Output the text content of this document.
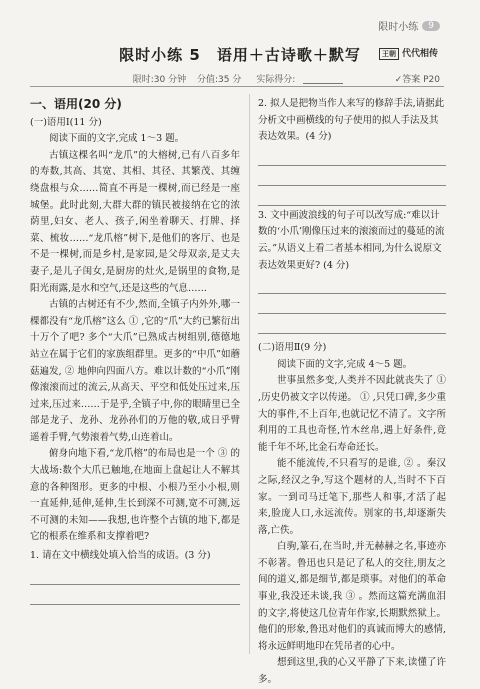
限时小练	9
限时小练 5　语用＋古诗歌＋默写	王朝 代代相传
限时:30 分钟 分值:35 分 实际得分:	✓答案 P20
一、语用(20 分)

(一)语用Ⅰ(11 分)

阅读下面的文字,完成 1～3 题。

古镇这棵名叫“龙爪”的大榕树,已有八百多年的寿数,其高、其宽、其相、其径、其繁茂、其缠绕盘根与众……简直不再是一棵树,而已经是一座城堡。此时此刻,大群大群的镇民被接纳在它的浓荫里,妇女、老人、孩子,闲坐着聊天、打牌、择菜、梳妆……“龙爪榕”树下,是他们的客厅、也是不是一棵树,而是乡村,是家园,是父母双亲,是丈夫妻子,是儿子闺女,是厨房的灶火,是锅里的食物,是阳光雨露,是水和空气,还是这些的气息……

古镇的古树还有不少,然而,全镇子内外外,哪一棵都没有“龙爪榕”这么 ① ,它的“爪”大约已繁衍出十万个了吧? 多个“大爪”已熟成古树组别,德德地站立在属于它们的家族组群里。更多的“中爪”如蘑菇遍发, ② 地伸向四面八方。难以计数的“小爪”刚像滚滚而过的流云,从高天、平空和低处压过来,压过来,压过来……于是乎,全镇子中,你的眼睛里已全部是龙子、龙孙、龙孙孙们的万他的敬,成日乎臂遥着手臂,气势滚着气势,山连着山。

俯身向地下看,“龙爪榕”的布局也是一个 ③ 的大战场:数个大爪已触地,在地面上盘起让人不解其意的各种图形。更多的中根、小根乃至小小根,则一直延伸,延伸,延伸,生长到深不可测,宽不可测,远不可测的未知——我想,也许整个古镇的地下,都是它的根系在维系和支撑着吧?

1. 请在文中横线处填入恰当的成语。(3 分)

2. 拟人是把物当作人来写的修辞手法,请据此分析文中画横线的句子使用的拟人手法及其表达效果。(4 分)

3. 文中画波浪线的句子可以改写成:“难以计数的‘小爪’刚像压过来的滚滚而过的蔓延的流云。”从语义上看二者基本相同,为什么说原文表达效果更好? (4 分)

(二)语用Ⅱ(9 分)

阅读下面的文字,完成 4～5 题。

世事虽然多变,人类并不因此就丧失了 ① ,历史仍被文字以传递。 ① ,只凭口碑,多少重大的事件,不上百年,也就记忆不清了。文字所利用的工具也奇怪,竹木丝帛,遇上好条件,竟能千年不坏,比金石寿命还长。

能不能流传,不只看写的是谁, ② 。秦汉之际,经汉之争,写这个题材的人,当时不下百家。一到司马迁笔下,那些人和事,才活了起来,脸庞人口,永远流传。别家的书,却逐渐失落,亡佚。

白驹,篆石,在当时,并无赫赫之名,事迹亦不彰著。鲁迅也只是记了私人的交往,朋友之间的道义,都是细节,都是琐事。对他们的革命事业,我没还未谈,我 ③ 。然而这篇充满血泪的文字,将使这几位青年作家,长期默然狱上。他们的形象,鲁迅对他们的真诚而博大的感情,将永远鲜明地印在凭吊者的心中。

想到这里,我的心又平静了下来,读懂了许多。
